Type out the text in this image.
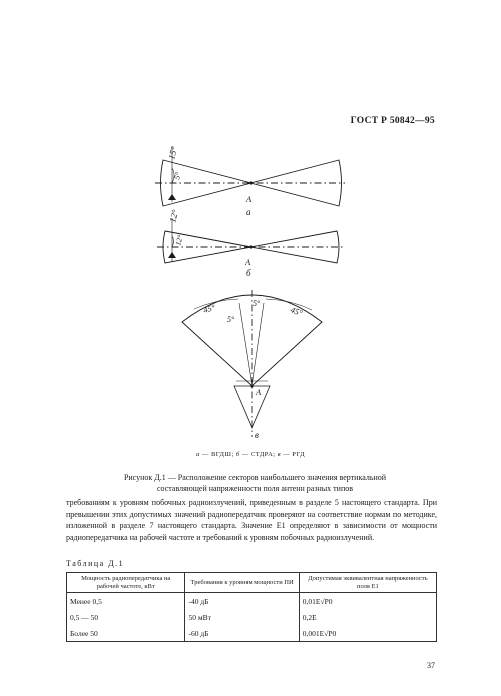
ГОСТ Р 50842—95
15°
5°
A
а
12°
12°
A
б
45°	5°
45°
5°
A
в
а — ВГДШ; б — СТДРА; в — РГД
Рисунок Д.1 — Расположение секторов наибольшего значения вертикальной
составляющей напряженности поля антенн разных типов

требованиям к уровням побочных радиоизлучений, приведенным в разделе 5 настоящего стандарта. При превышении этих допустимых значений радиопередатчик проверяют на соответствие нормам по методике, изложенной в разделе 7 настоящего стандарта. Значение E1 определяют в зависимости от мощности радиопередатчика на рабочей частоте и требований к уровням побочных радиоизлучений.

Таблица Д.1
Мощность радиопередатчика на рабочей частоте, кВт	Требования к уровням мощности ПИ	Допустимая эквивалентная напряженность поля E1
Менее 0,5	-40 дБ	0,01E√P0
0,5 — 50	50 мВт	0,2E
Более 50	-60 дБ	0,001E√P0
37
